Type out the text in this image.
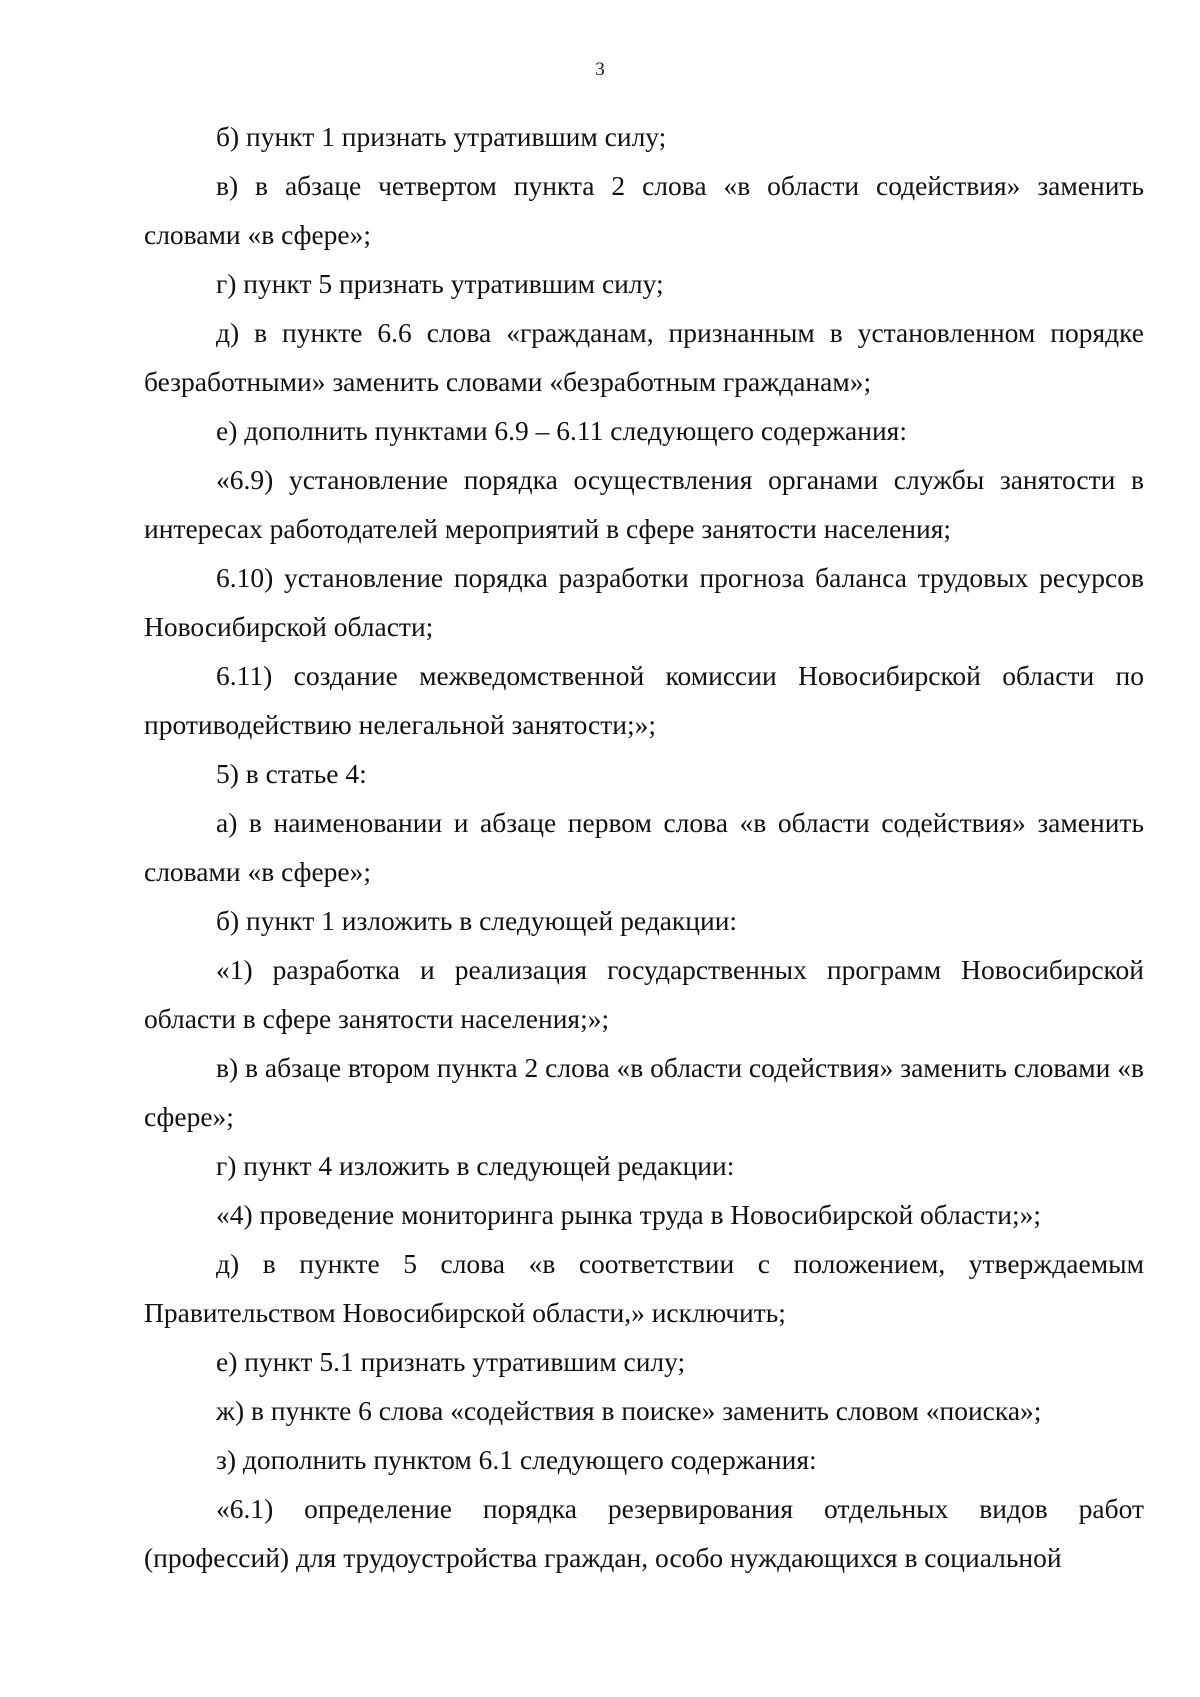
3

б) пункт 1 признать утратившим силу;

в) в абзаце четвертом пункта 2 слова «в области содействия» заменить словами «в сфере»;

г) пункт 5 признать утратившим силу;

д) в пункте 6.6 слова «гражданам, признанным в установленном порядке безработными» заменить словами «безработным гражданам»;

е) дополнить пунктами 6.9 – 6.11 следующего содержания:

«6.9) установление порядка осуществления органами службы занятости в интересах работодателей мероприятий в сфере занятости населения;

6.10) установление порядка разработки прогноза баланса трудовых ресурсов Новосибирской области;

6.11) создание межведомственной комиссии Новосибирской области по противодействию нелегальной занятости;»;

5) в статье 4:

а) в наименовании и абзаце первом слова «в области содействия» заменить словами «в сфере»;

б) пункт 1 изложить в следующей редакции:

«1) разработка и реализация государственных программ Новосибирской области в сфере занятости населения;»;

в) в абзаце втором пункта 2 слова «в области содействия» заменить словами «в сфере»;

г) пункт 4 изложить в следующей редакции:

«4) проведение мониторинга рынка труда в Новосибирской области;»;

д) в пункте 5 слова «в соответствии с положением, утверждаемым Правительством Новосибирской области,» исключить;

е) пункт 5.1 признать утратившим силу;

ж) в пункте 6 слова «содействия в поиске» заменить словом «поиска»;

з) дополнить пунктом 6.1 следующего содержания:

«6.1) определение порядка резервирования отдельных видов работ (профессий) для трудоустройства граждан, особо нуждающихся в социальной
